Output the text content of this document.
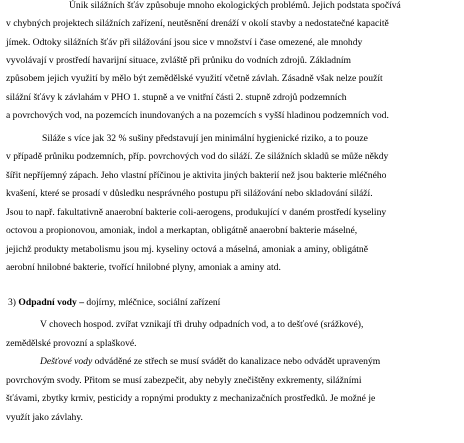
Únik silážních šťáv způsobuje mnoho ekologických problémů. Jejich podstata spočívá
v chybných projektech silážních zařízení, neutěsnění drenáží v okolí stavby a nedostatečné kapacitě
jímek. Odtoky silážních šťáv při silážování jsou sice v množství i čase omezené, ale mnohdy
vyvolávají v prostředí havarijní situace, zvláště při průniku do vodních zdrojů. Základním
způsobem jejich využití by mělo být zemědělské využití včetně závlah. Zásadně však nelze použít
silážní šťávy k závlahám v PHO 1. stupně a ve vnitřní části 2. stupně zdrojů podzemních
a povrchových vod, na pozemcích inundovaných a na pozemcích s vyšší hladinou podzemních vod.
Siláže s více jak 32 % sušiny představují jen minimální hygienické riziko, a to pouze
v případě průniku podzemních, příp. povrchových vod do siláží. Ze silážních skladů se může někdy
šířit nepříjemný zápach. Jeho vlastní příčinou je aktivita jiných bakterií než jsou bakterie mléčného
kvašení, které se prosadí v důsledku nesprávného postupu při silážování nebo skladování siláží.
Jsou to např. fakultativně anaerobní bakterie coli-aerogens, produkující v daném prostředí kyseliny
octovou a propionovou, amoniak, indol a merkaptan, obligátně anaerobní bakterie máselné,
jejichž produkty metabolismu jsou mj. kyseliny octová a máselná, amoniak a aminy, obligátně
aerobní hnilobné bakterie, tvořící hnilobné plyny, amoniak a aminy atd.
3) Odpadní vody – dojírny, mléčnice, sociální zařízení
V chovech hospod. zvířat vznikají tři druhy odpadních vod, a to dešťové (srážkové),
zemědělské provozní a splaškové.
Dešťové vody odváděné ze střech se musí svádět do kanalizace nebo odvádět upraveným
povrchovým svody. Přitom se musí zabezpečit, aby nebyly znečištěny exkrementy, silážními
šťávami, zbytky krmiv, pesticidy a ropnými produkty z mechanizačních prostředků. Je možné je
využít jako závlahy.
